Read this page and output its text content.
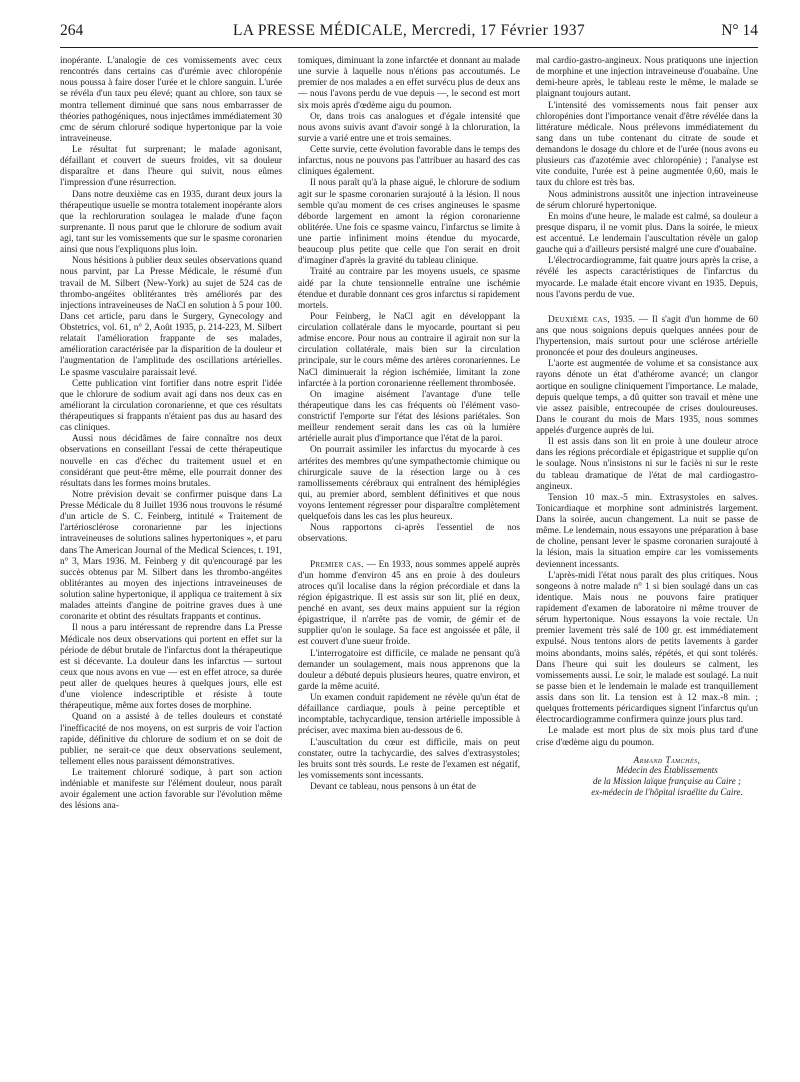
264	LA PRESSE MÉDICALE, Mercredi, 17 Février 1937	N° 14

inopérante. L'analogie de ces vomissements avec ceux rencontrés dans certains cas d'urémie avec chloropénie nous poussa à faire doser l'urée et le chlore sanguin. L'urée se révéla d'un taux peu élevé; quant au chlore, son taux se montra tellement diminué que sans nous embarrasser de théories pathogéniques, nous injectâmes immédiatement 30 cmc de sérum chloruré sodique hypertonique par la voie intraveineuse.

Le résultat fut surprenant; le malade agonisant, défaillant et couvert de sueurs froides, vit sa douleur disparaître et dans l'heure qui suivit, nous eûmes l'impression d'une résurrection.

Dans notre deuxième cas en 1935, durant deux jours la thérapeutique usuelle se montra totalement inopérante alors que la rechloruration soulagea le malade d'une façon surprenante. Il nous parut que le chlorure de sodium avait agi, tant sur les vomissements que sur le spasme coronarien ainsi que nous l'expliquons plus loin.

Nous hésitions à publier deux seules observations quand nous parvint, par La Presse Médicale, le résumé d'un travail de M. Silbert (New-York) au sujet de 524 cas de thrombo-angéites oblitérantes très améliorés par des injections intraveineuses de NaCl en solution à 5 pour 100. Dans cet article, paru dans le Surgery, Gynecology and Obstetrics, vol. 61, n° 2, Août 1935, p. 214-223, M. Silbert relatait l'amélioration frappante de ses malades, amélioration caractérisée par la disparition de la douleur et l'augmentation de l'amplitude des oscillations artérielles. Le spasme vasculaire paraissait levé.

Cette publication vint fortifier dans notre esprit l'idée que le chlorure de sodium avait agi dans nos deux cas en améliorant la circulation coronarienne, et que ces résultats thérapeutiques si frappants n'étaient pas dus au hasard des cas cliniques.

Aussi nous décidâmes de faire connaître nos deux observations en conseillant l'essai de cette thérapeutique nouvelle en cas d'échec du traitement usuel et en considérant que peut-être même, elle pourrait donner des résultats dans les formes moins brutales.

Notre prévision devait se confirmer puisque dans La Presse Médicale du 8 Juillet 1936 nous trouvons le résumé d'un article de S. C. Feinberg, intitulé « Traitement de l'artériosclérose coronarienne par les injections intraveineuses de solutions salines hypertoniques », et paru dans The American Journal of the Medical Sciences, t. 191, n° 3, Mars 1936. M. Feinberg y dit qu'encouragé par les succès obtenus par M. Silbert dans les thrombo-angéites oblitérantes au moyen des injections intraveineuses de solution saline hypertonique, il appliqua ce traitement à six malades atteints d'angine de poitrine graves dues à une coronarite et obtint des résultats frappants et continus.

Il nous a paru intéressant de reprendre dans La Presse Médicale nos deux observations qui portent en effet sur la période de début brutale de l'infarctus dont la thérapeutique est si décevante. La douleur dans les infarctus — surtout ceux que nous avons en vue — est en effet atroce, sa durée peut aller de quelques heures à quelques jours, elle est d'une violence indescriptible et résiste à toute thérapeutique, même aux fortes doses de morphine.

Quand on a assisté à de telles douleurs et constaté l'inefficacité de nos moyens, on est surpris de voir l'action rapide, définitive du chlorure de sodium et on se doit de publier, ne serait-ce que deux observations seulement, tellement elles nous paraissent démonstratives.

Le traitement chloruré sodique, à part son action indéniable et manifeste sur l'élément douleur, nous paraît avoir également une action favorable sur l'évolution même des lésions ana-

tomiques, diminuant la zone infarctée et donnant au malade une survie à laquelle nous n'étions pas accoutumés. Le premier de nos malades a en effet survécu plus de deux ans — nous l'avons perdu de vue depuis —, le second est mort six mois après d'œdème aigu du poumon.

Or, dans trois cas analogues et d'égale intensité que nous avons suivis avant d'avoir songé à la chloruration, la survie a varié entre une et trois semaines.

Cette survie, cette évolution favorable dans le temps des infarctus, nous ne pouvons pas l'attribuer au hasard des cas cliniques également.

Il nous paraît qu'à la phase aiguë, le chlorure de sodium agit sur le spasme coronarien surajouté à la lésion. Il nous semble qu'au moment de ces crises angineuses le spasme déborde largement en amont la région coronarienne oblitérée. Une fois ce spasme vaincu, l'infarctus se limite à une partie infiniment moins étendue du myocarde, beaucoup plus petite que celle que l'on serait en droit d'imaginer d'après la gravité du tableau clinique.

Traité au contraire par les moyens usuels, ce spasme aidé par la chute tensionnelle entraîne une ischémie étendue et durable donnant ces gros infarctus si rapidement mortels.

Pour Feinberg, le NaCl agit en développant la circulation collatérale dans le myocarde, pourtant si peu admise encore. Pour nous au contraire il agirait non sur la circulation collatérale, mais bien sur la circulation principale, sur le cours même des artères coronariennes. Le NaCl diminuerait la région ischémiée, limitant la zone infarctée à la portion coronarienne réellement thrombosée.

On imagine aisément l'avantage d'une telle thérapeutique dans les cas fréquents où l'élément vaso-constrictif l'emporte sur l'état des lésions pariétales. Son meilleur rendement serait dans les cas où la lumière artérielle aurait plus d'importance que l'état de la paroi.

On pourrait assimiler les infarctus du myocarde à ces artérites des membres qu'une sympathectomie chimique ou chirurgicale sauve de la résection large ou à ces ramollissements cérébraux qui entraînent des hémiplégies qui, au premier abord, semblent définitives et que nous voyons lentement régresser pour disparaître complètement quelquefois dans les cas les plus heureux.

Nous rapportons ci-après l'essentiel de nos observations.

Premier cas. — En 1933, nous sommes appelé auprès d'un homme d'environ 45 ans en proie à des douleurs atroces qu'il localise dans la région précordiale et dans la région épigastrique. Il est assis sur son lit, plié en deux, penché en avant, ses deux mains appuient sur la région épigastrique, il n'arrête pas de vomir, de gémir et de supplier qu'on le soulage. Sa face est angoissée et pâle, il est couvert d'une sueur froide.

L'interrogatoire est difficile, ce malade ne pensant qu'à demander un soulagement, mais nous apprenons que la douleur a débuté depuis plusieurs heures, quatre environ, et garde la même acuité.

Un examen conduit rapidement ne révèle qu'un état de défaillance cardiaque, pouls à peine perceptible et incomptable, tachycardique, tension artérielle impossible à préciser, avec maxima bien au-dessous de 6.

L'auscultation du cœur est difficile, mais on peut constater, outre la tachycardie, des salves d'extrasystoles; les bruits sont très sourds. Le reste de l'examen est négatif, les vomissements sont incessants.

Devant ce tableau, nous pensons à un état de

mal cardio-gastro-angineux. Nous pratiquons une injection de morphine et une injection intraveineuse d'ouabaïne. Une demi-heure après, le tableau reste le même, le malade se plaignant toujours autant.

L'intensité des vomissements nous fait penser aux chloropénies dont l'importance venait d'être révélée dans la littérature médicale. Nous prélevons immédiatement du sang dans un tube contenant du citrate de soude et demandons le dosage du chlore et de l'urée (nous avons eu plusieurs cas d'azotémie avec chloropénie) ; l'analyse est vite conduite, l'urée est à peine augmentée 0,60, mais le taux du chlore est très bas.

Nous administrons aussitôt une injection intraveineuse de sérum chloruré hypertonique.

En moins d'une heure, le malade est calmé, sa douleur a presque disparu, il ne vomit plus. Dans la soirée, le mieux est accentué. Le lendemain l'auscultation révèle un galop gauche qui a d'ailleurs persisté malgré une cure d'ouabaïne.

L'électrocardiogramme, fait quatre jours après la crise, a révélé les aspects caractéristiques de l'infarctus du myocarde. Le malade était encore vivant en 1935. Depuis, nous l'avons perdu de vue.

Deuxième cas, 1935. — Il s'agit d'un homme de 60 ans que nous soignions depuis quelques années pour de l'hypertension, mais surtout pour une sclérose artérielle prononcée et pour des douleurs angineuses.

L'aorte est augmentée de volume et sa consistance aux rayons dénote un état d'athérome avancé; un clangor aortique en souligne cliniquement l'importance. Le malade, depuis quelque temps, a dû quitter son travail et mène une vie assez paisible, entrecoupée de crises douloureuses. Dans le courant du mois de Mars 1935, nous sommes appelés d'urgence auprès de lui.

Il est assis dans son lit en proie à une douleur atroce dans les régions précordiale et épigastrique et supplie qu'on le soulage. Nous n'insistons ni sur le faciès ni sur le reste du tableau dramatique de l'état de mal cardiogastro-angineux.

Tension 10 max.-5 min. Extrasystoles en salves. Tonicardiaque et morphine sont administrés largement. Dans la soirée, aucun changement. La nuit se passe de même. Le lendemain, nous essayons une préparation à base de choline, pensant lever le spasme coronarien surajouté à la lésion, mais la situation empire car les vomissements deviennent incessants.

L'après-midi l'état nous paraît des plus critiques. Nous songeons à notre malade n° 1 si bien soulagé dans un cas identique. Mais nous ne pouvons faire pratiquer rapidement d'examen de laboratoire ni même trouver de sérum hypertonique. Nous essayons la voie rectale. Un premier lavement très salé de 100 gr. est immédiatement expulsé. Nous tentons alors de petits lavements à garder moins abondants, moins salés, répétés, et qui sont tolérés. Dans l'heure qui suit les douleurs se calment, les vomissements aussi. Le soir, le malade est soulagé. La nuit se passe bien et le lendemain le malade est tranquillement assis dans son lit. La tension est à 12 max.-8 min. ; quelques frottements péricardiques signent l'infarctus qu'un électrocardiogramme confirmera quinze jours plus tard.

Le malade est mort plus de six mois plus tard d'une crise d'œdème aigu du poumon.

Armand Tamchès,
Médecin des Établissements
de la Mission laïque française au Caire ;
ex-médecin de l'hôpital israélite du Caire.
